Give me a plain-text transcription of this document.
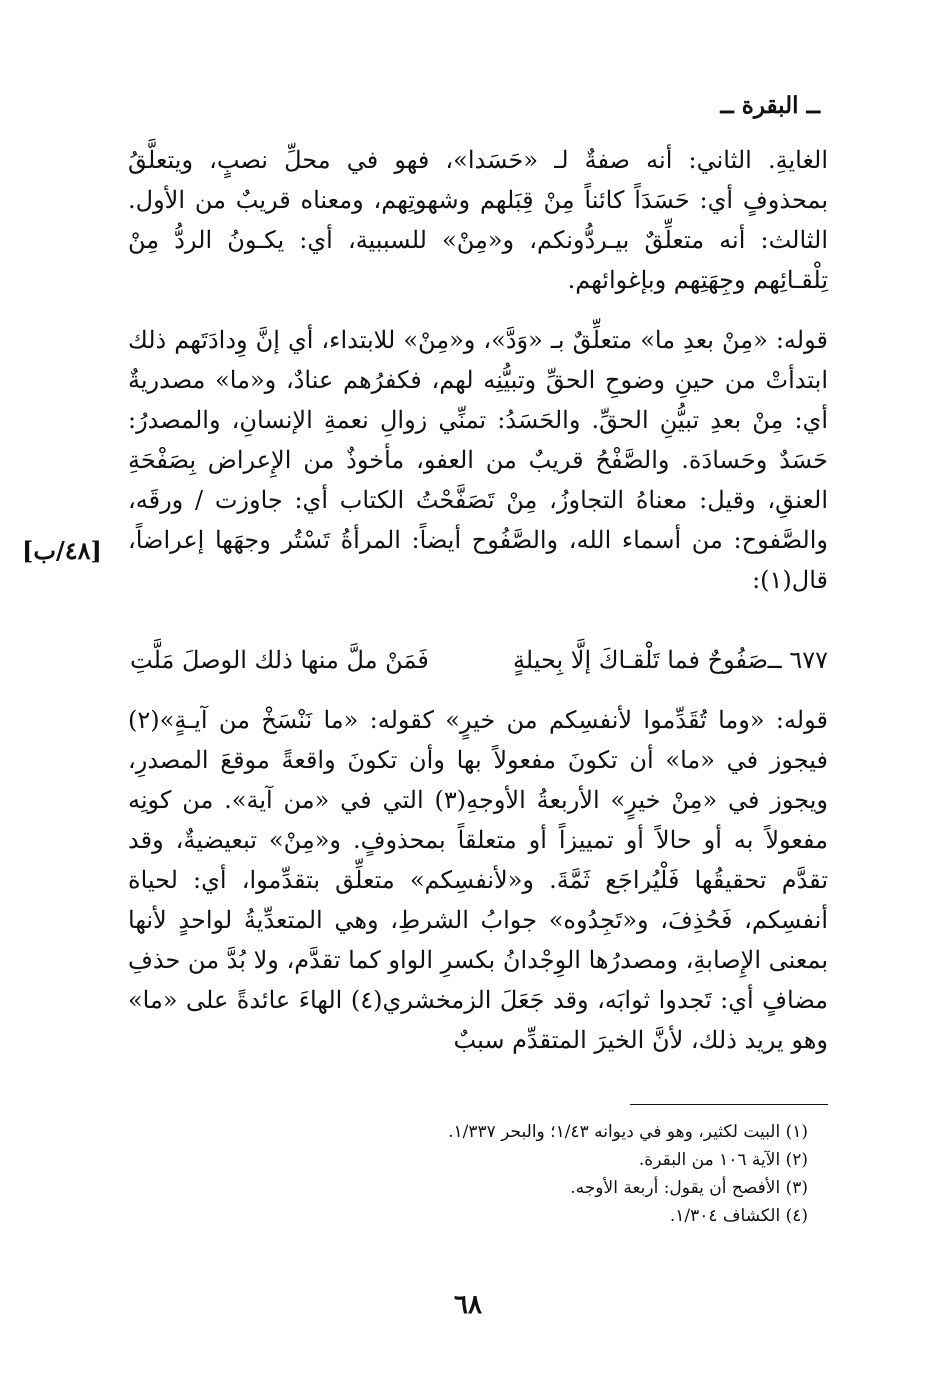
ــ البقرة ــ

الغايةِ. الثاني: أنه صفةٌ لـ «حَسَدا»، فهو في محلِّ نصبٍ، ويتعلَّقُ بمحذوفٍ أي: حَسَدَاً كائناً مِنْ قِبَلهم وشهوتِهم، ومعناه قريبٌ من الأول. الثالث: أنه متعلِّقٌ بيـردُّونكم، و«مِنْ» للسببية، أي: يكـونُ الردُّ مِنْ تِلْقـائِهم وجِهَتِهم وبإغوائهم.

قوله: «مِنْ بعدِ ما» متعلِّقٌ بـ «وَدَّ»، و«مِنْ» للابتداء، أي إنَّ وِدادَتَهم ذلك ابتدأتْ من حينِ وضوحِ الحقِّ وتبيُّنِه لهم، فكفرُهم عنادٌ، و«ما» مصدريةٌ أي: مِنْ بعدِ تبيُّنِ الحقِّ. والحَسَدُ: تمنِّي زوالِ نعمةِ الإنسانِ، والمصدرُ: حَسَدٌ وحَسادَة. والصَّفْحُ قريبٌ من العفو، مأخوذٌ من الإِعراض بِصَفْحَةِ العنقِ، وقيل: معناهُ التجاوزُ، مِنْ تَصَفَّحْتُ الكتاب أي: جاوزت / ورقَه، والصَّفوح: من أسماء الله، والصَّفُوح أيضاً: المرأةُ تَسْتُر وجهَها إعراضاً، قال(١):

[٤٨/ب]
٦٧٧ ــ
صَفُوحٌ فما تَلْقـاكَ إلَّا بِحيلةٍ
فَمَنْ ملَّ منها ذلك الوصلَ مَلَّتِ

قوله: «وما تُقَدِّموا لأنفسِكم من خيرٍ» كقوله: «ما نَنْسَخْ من آيـةٍ»(٢) فيجوز في «ما» أن تكونَ مفعولاً بها وأن تكونَ واقعةً موقعَ المصدرِ، ويجوز في «مِنْ خيرٍ» الأربعةُ الأوجهِ(٣) التي في «من آية». من كونِه مفعولاً به أو حالاً أو تمييزاً أو متعلقاً بمحذوفٍ. و«مِنْ» تبعيضيةٌ، وقد تقدَّم تحقيقُها فَلْيُراجَع ثَمَّةَ. و«لأنفسِكم» متعلِّق بتقدِّموا، أي: لحياة أنفسِكم، فَحُذِفَ، و«تَجِدُوه» جوابُ الشرطِ، وهي المتعدِّيةُ لواحدٍ لأنها بمعنى الإِصابةِ، ومصدرُها الوِجْدانُ بكسرِ الواو كما تقدَّم، ولا بُدَّ من حذفِ مضافٍ أي: تَجدوا ثوابَه، وقد جَعَلَ الزمخشري(٤) الهاءَ عائدةً على «ما» وهو يريد ذلك، لأنَّ الخيرَ المتقدِّم سببٌ

(١) البيت لكثير، وهو في ديوانه ١/٤٣؛ والبحر ١/٣٣٧.
(٢) الآية ١٠٦ من البقرة.
(٣) الأفصح أن يقول: أربعة الأوجه.
(٤) الكشاف ١/٣٠٤.
٦٨
